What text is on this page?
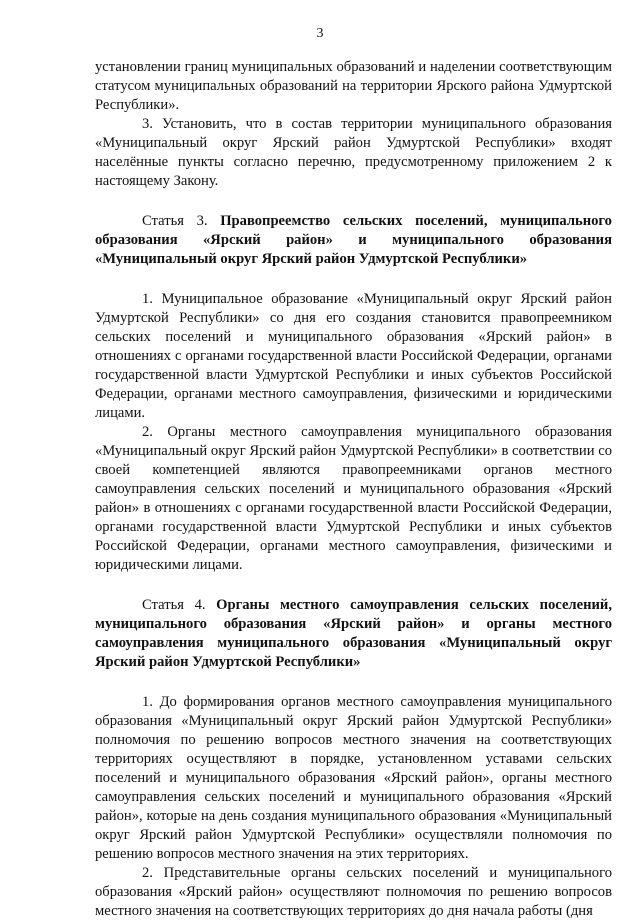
3

установлении границ муниципальных образований и наделении соответствующим статусом муниципальных образований на территории Ярского района Удмуртской Республики».

3. Установить, что в состав территории муниципального образования «Муниципальный округ Ярский район Удмуртской Республики» входят населённые пункты согласно перечню, предусмотренному приложением 2 к настоящему Закону.

Статья 3. Правопреемство сельских поселений, муниципального образования «Ярский район» и муниципального образования «Муниципальный округ Ярский район Удмуртской Республики»

1. Муниципальное образование «Муниципальный округ Ярский район Удмуртской Республики» со дня его создания становится правопреемником сельских поселений и муниципального образования «Ярский район» в отношениях с органами государственной власти Российской Федерации, органами государственной власти Удмуртской Республики и иных субъектов Российской Федерации, органами местного самоуправления, физическими и юридическими лицами.

2. Органы местного самоуправления муниципального образования «Муниципальный округ Ярский район Удмуртской Республики» в соответствии со своей компетенцией являются правопреемниками органов местного самоуправления сельских поселений и муниципального образования «Ярский район» в отношениях с органами государственной власти Российской Федерации, органами государственной власти Удмуртской Республики и иных субъектов Российской Федерации, органами местного самоуправления, физическими и юридическими лицами.

Статья 4. Органы местного самоуправления сельских поселений, муниципального образования «Ярский район» и органы местного самоуправления муниципального образования «Муниципальный округ Ярский район Удмуртской Республики»

1. До формирования органов местного самоуправления муниципального образования «Муниципальный округ Ярский район Удмуртской Республики» полномочия по решению вопросов местного значения на соответствующих территориях осуществляют в порядке, установленном уставами сельских поселений и муниципального образования «Ярский район», органы местного самоуправления сельских поселений и муниципального образования «Ярский район», которые на день создания муниципального образования «Муниципальный округ Ярский район Удмуртской Республики» осуществляли полномочия по решению вопросов местного значения на этих территориях.

2. Представительные органы сельских поселений и муниципального образования «Ярский район» осуществляют полномочия по решению вопросов местного значения на соответствующих территориях до дня начала работы (дня
